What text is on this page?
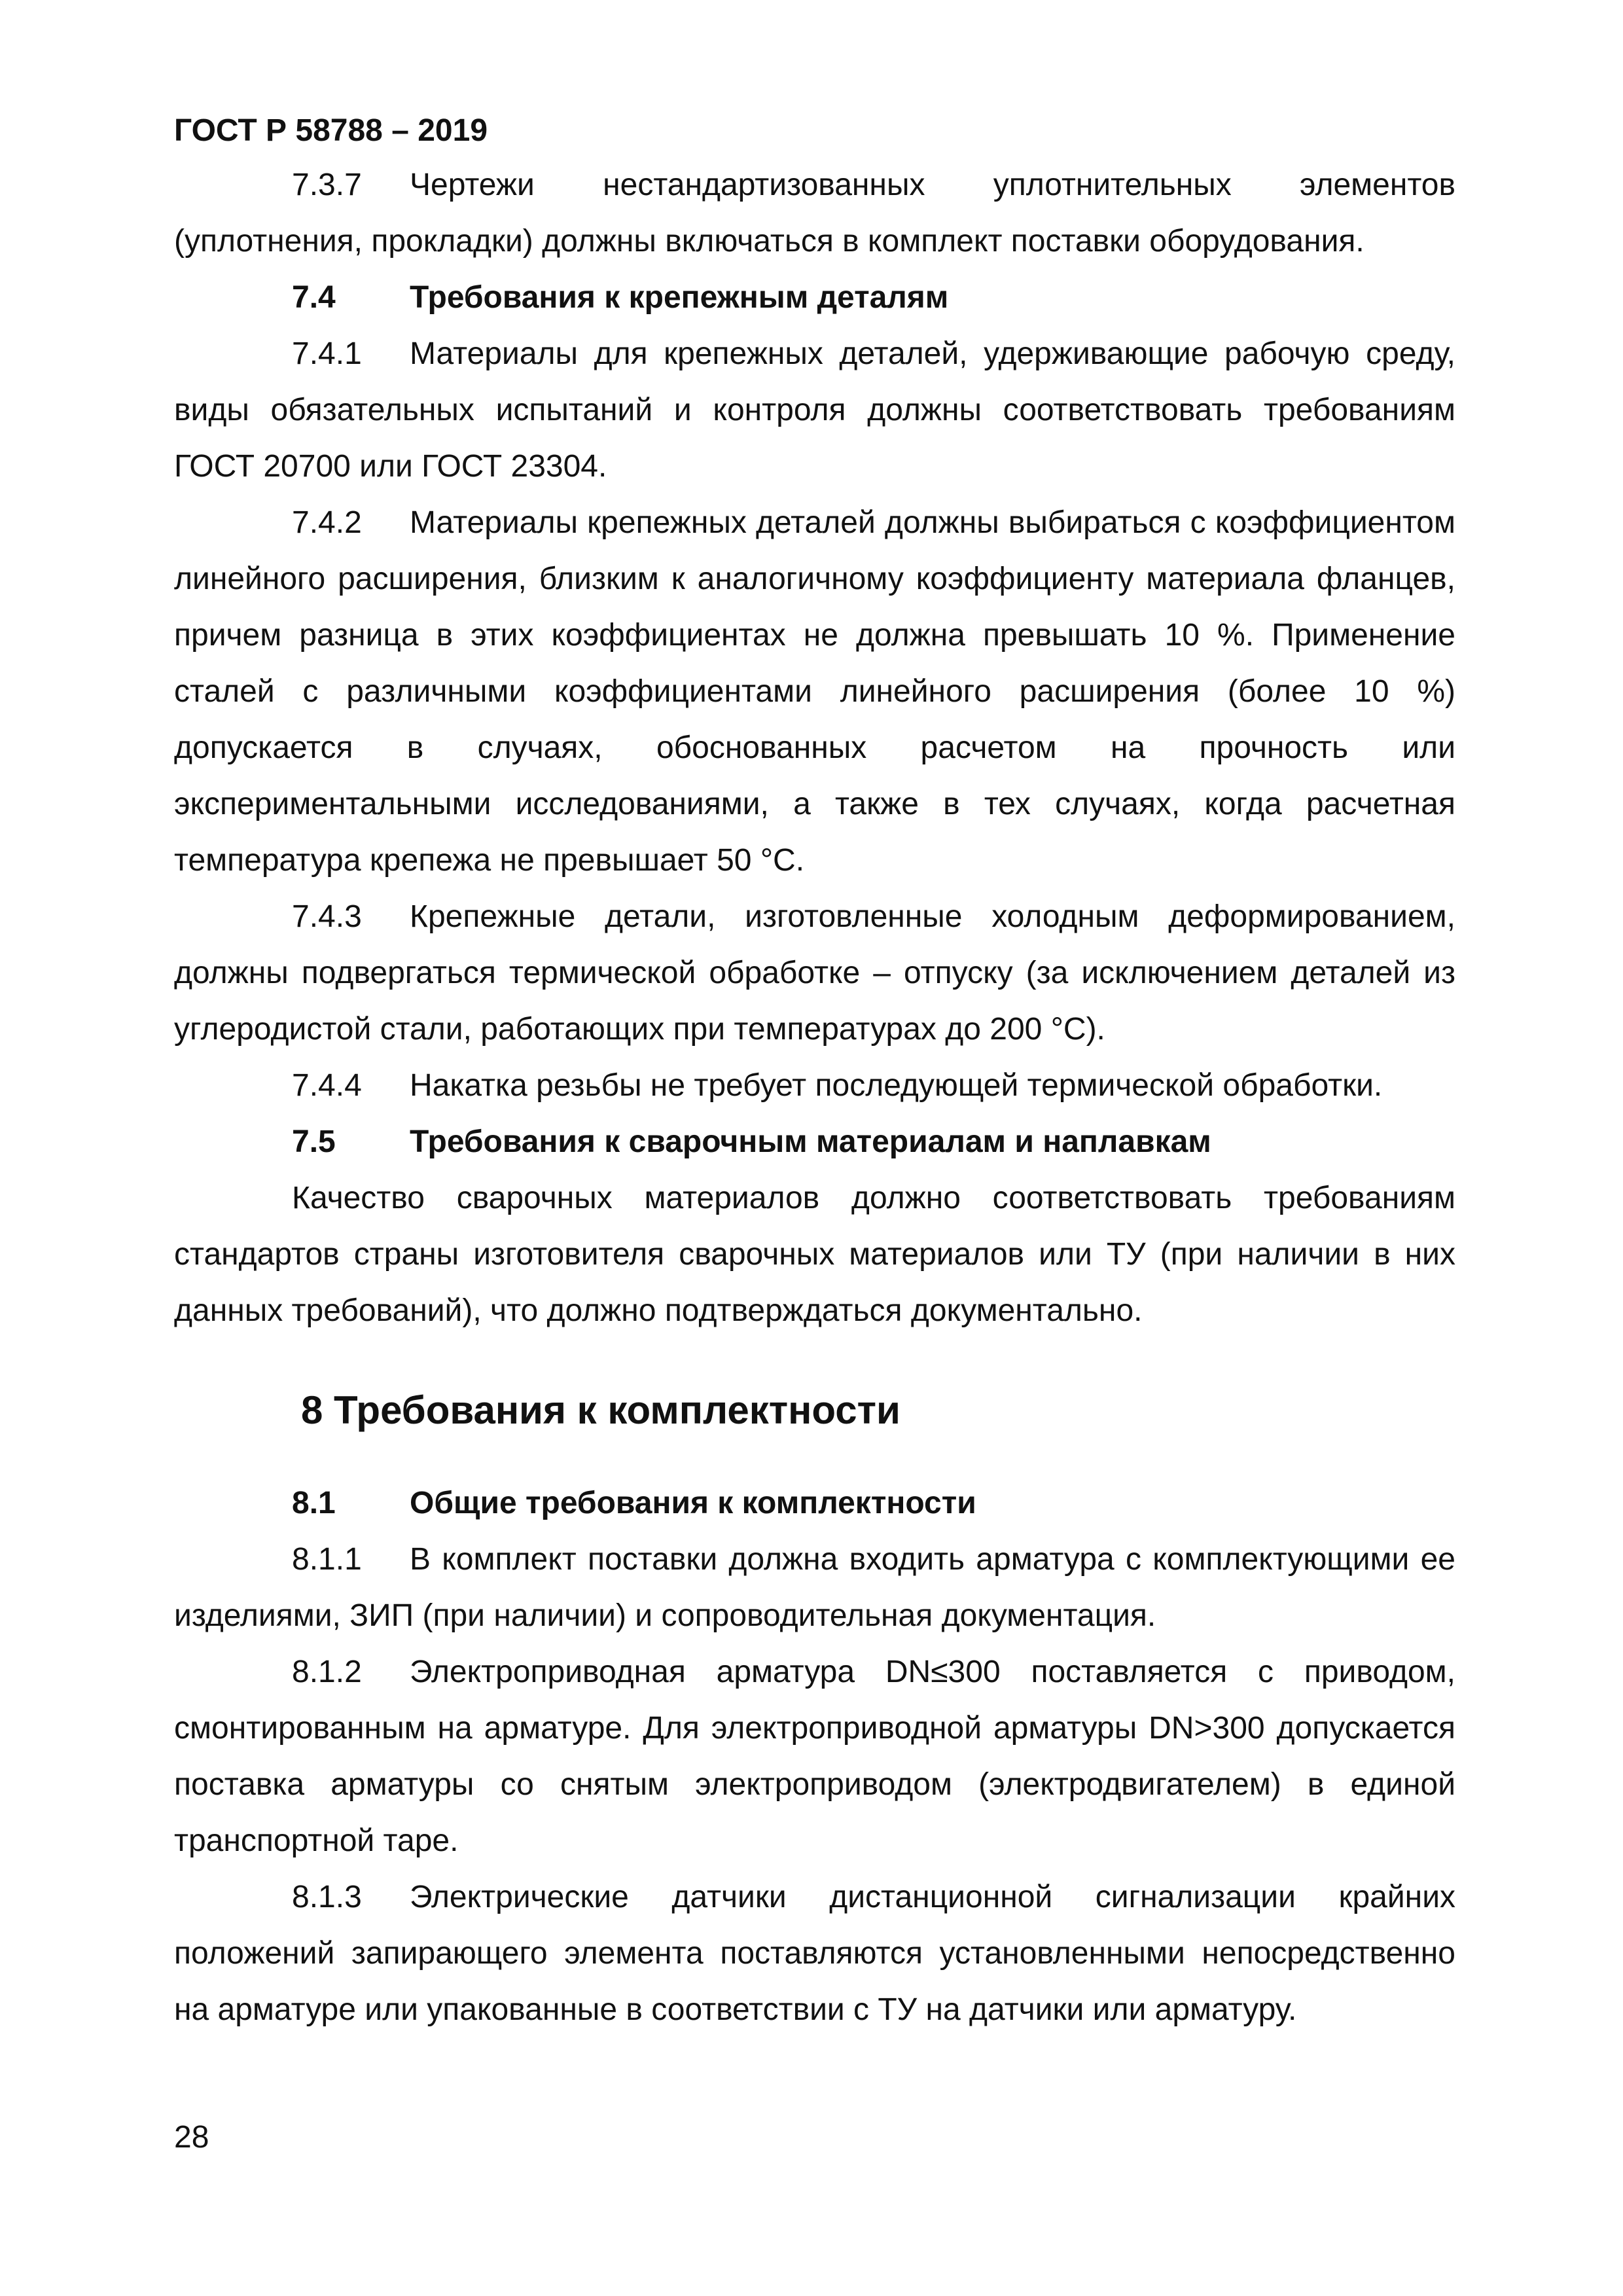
ГОСТ Р 58788 – 2019

7.3.7 Чертежи нестандартизованных уплотнительных элементов (уплотнения, прокладки) должны включаться в комплект поставки оборудования.

7.4 Требования к крепежным деталям

7.4.1 Материалы для крепежных деталей, удерживающие рабочую среду, виды обязательных испытаний и контроля должны соответствовать требованиям ГОСТ 20700 или ГОСТ 23304.

7.4.2 Материалы крепежных деталей должны выбираться с коэффициентом линейного расширения, близким к аналогичному коэффициенту материала фланцев, причем разница в этих коэффициентах не должна превышать 10 %. Применение сталей с различными коэффициентами линейного расширения (более 10 %) допускается в случаях, обоснованных расчетом на прочность или экспериментальными исследованиями, а также в тех случаях, когда расчетная температура крепежа не превышает 50 °С.

7.4.3 Крепежные детали, изготовленные холодным деформированием, должны подвергаться термической обработке – отпуску (за исключением деталей из углеродистой стали, работающих при температурах до 200 °С).

7.4.4 Накатка резьбы не требует последующей термической обработки.

7.5 Требования к сварочным материалам и наплавкам

Качество сварочных материалов должно соответствовать требованиям стандартов страны изготовителя сварочных материалов или ТУ (при наличии в них данных требований), что должно подтверждаться документально.

8 Требования к комплектности
8.1 Общие требования к комплектности

8.1.1 В комплект поставки должна входить арматура с комплектующими ее изделиями, ЗИП (при наличии) и сопроводительная документация.

8.1.2 Электроприводная арматура DN≤300 поставляется с приводом, смонтированным на арматуре. Для электроприводной арматуры DN>300 допускается поставка арматуры со снятым электроприводом (электродвигателем) в единой транспортной таре.

8.1.3 Электрические датчики дистанционной сигнализации крайних положений запирающего элемента поставляются установленными непосредственно на арматуре или упакованные в соответствии с ТУ на датчики или арматуру.

28
